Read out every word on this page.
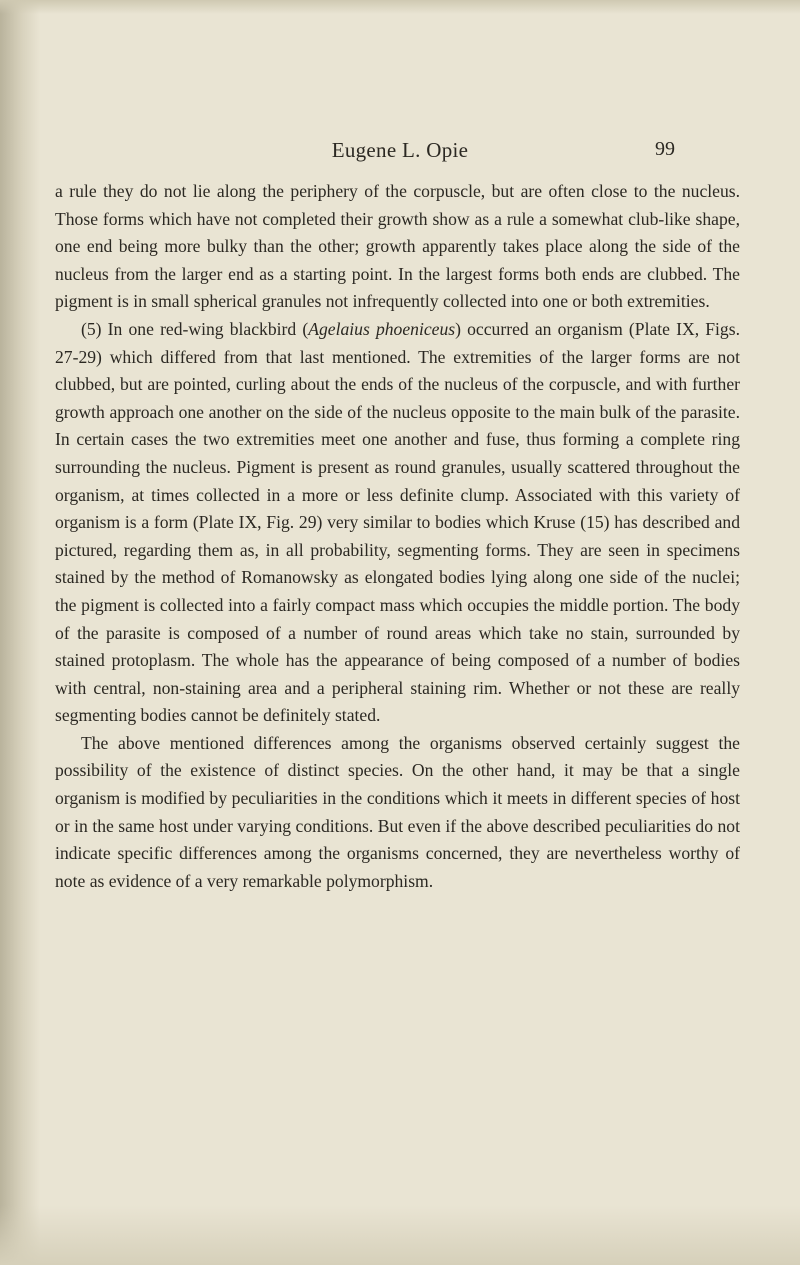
Eugene L. Opie	99

a rule they do not lie along the periphery of the corpuscle, but are often close to the nucleus. Those forms which have not completed their growth show as a rule a somewhat club-like shape, one end being more bulky than the other; growth apparently takes place along the side of the nucleus from the larger end as a starting point. In the largest forms both ends are clubbed. The pigment is in small spherical granules not infrequently collected into one or both extremities.

(5) In one red-wing blackbird (Agelaius phoeniceus) occurred an organism (Plate IX, Figs. 27-29) which differed from that last mentioned. The extremities of the larger forms are not clubbed, but are pointed, curling about the ends of the nucleus of the corpuscle, and with further growth approach one another on the side of the nucleus opposite to the main bulk of the parasite. In certain cases the two extremities meet one another and fuse, thus forming a complete ring surrounding the nucleus. Pigment is present as round granules, usually scattered throughout the organism, at times collected in a more or less definite clump. Associated with this variety of organism is a form (Plate IX, Fig. 29) very similar to bodies which Kruse (15) has described and pictured, regarding them as, in all probability, segmenting forms. They are seen in specimens stained by the method of Romanowsky as elongated bodies lying along one side of the nuclei; the pigment is collected into a fairly compact mass which occupies the middle portion. The body of the parasite is composed of a number of round areas which take no stain, surrounded by stained protoplasm. The whole has the appearance of being composed of a number of bodies with central, non-staining area and a peripheral staining rim. Whether or not these are really segmenting bodies cannot be definitely stated.

The above mentioned differences among the organisms observed certainly suggest the possibility of the existence of distinct species. On the other hand, it may be that a single organism is modified by peculiarities in the conditions which it meets in different species of host or in the same host under varying conditions. But even if the above described peculiarities do not indicate specific differences among the organisms concerned, they are nevertheless worthy of note as evidence of a very remarkable polymorphism.
